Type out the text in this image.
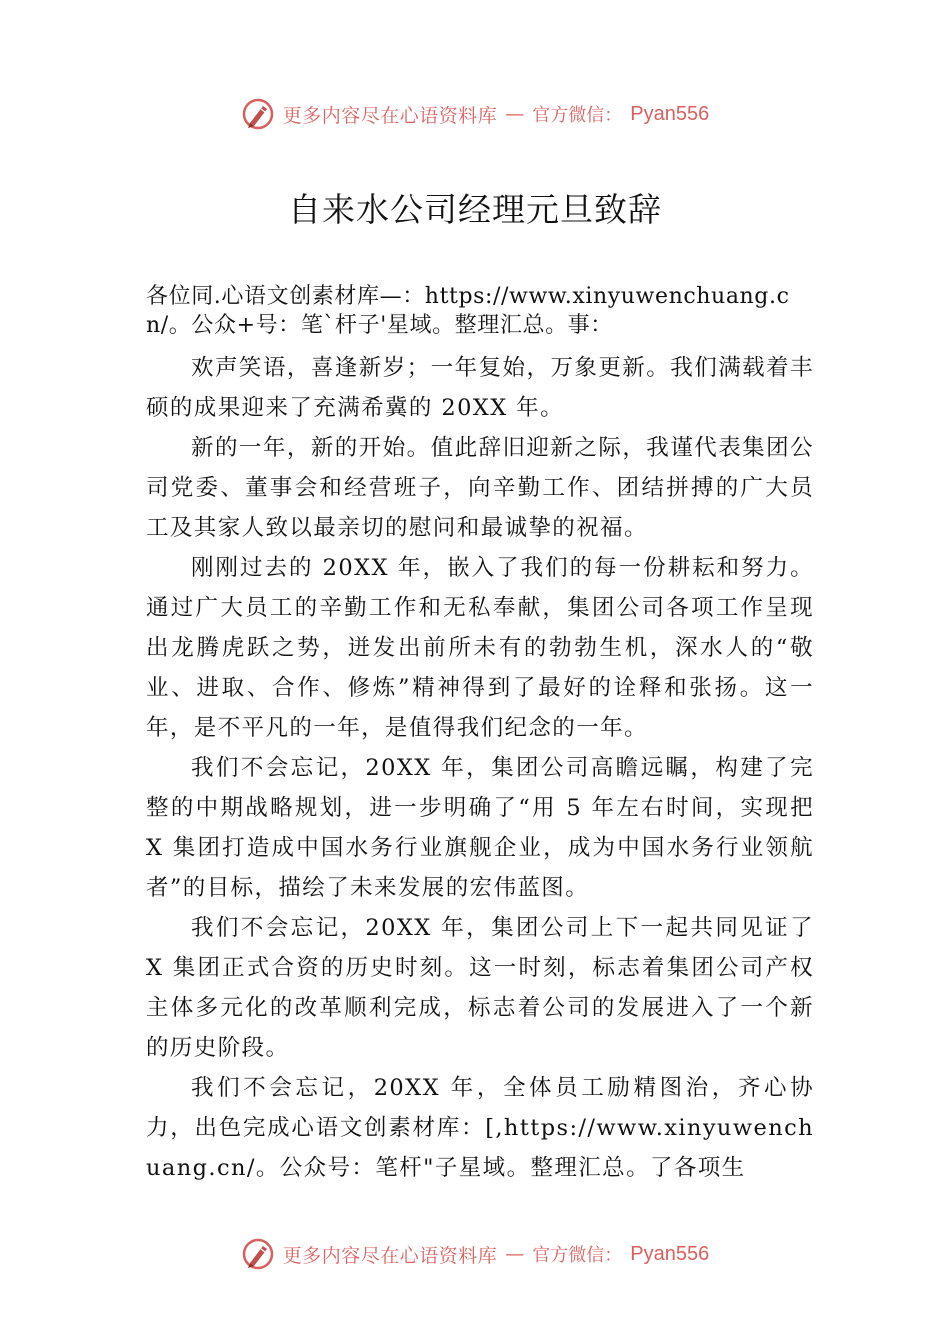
更多内容尽在心语资料库 — 官方微信： Pyan556
自来水公司经理元旦致辞

各位同.心语文创素材库—：https://www.xinyuwenchuang.cn/。公众+号：笔`杆子'星域。整理汇总。事：

欢声笑语，喜逢新岁；一年复始，万象更新。我们满载着丰硕的成果迎来了充满希冀的 20XX 年。

新的一年，新的开始。值此辞旧迎新之际，我谨代表集团公司党委、董事会和经营班子，向辛勤工作、团结拼搏的广大员工及其家人致以最亲切的慰问和最诚挚的祝福。

刚刚过去的 20XX 年，嵌入了我们的每一份耕耘和努力。通过广大员工的辛勤工作和无私奉献，集团公司各项工作呈现出龙腾虎跃之势，迸发出前所未有的勃勃生机，深水人的“敬业、进取、合作、修炼”精神得到了最好的诠释和张扬。这一年，是不平凡的一年，是值得我们纪念的一年。

我们不会忘记，20XX 年，集团公司高瞻远瞩，构建了完整的中期战略规划，进一步明确了“用 5 年左右时间，实现把 X 集团打造成中国水务行业旗舰企业，成为中国水务行业领航者”的目标，描绘了未来发展的宏伟蓝图。

我们不会忘记，20XX 年，集团公司上下一起共同见证了 X 集团正式合资的历史时刻。这一时刻，标志着集团公司产权主体多元化的改革顺利完成，标志着公司的发展进入了一个新的历史阶段。

我们不会忘记，20XX 年，全体员工励精图治，齐心协力，出色完成心语文创素材库：[,https://www.xinyuwenchuang.cn/。公众号：笔杆"子星域。整理汇总。了各项生

更多内容尽在心语资料库 — 官方微信： Pyan556
